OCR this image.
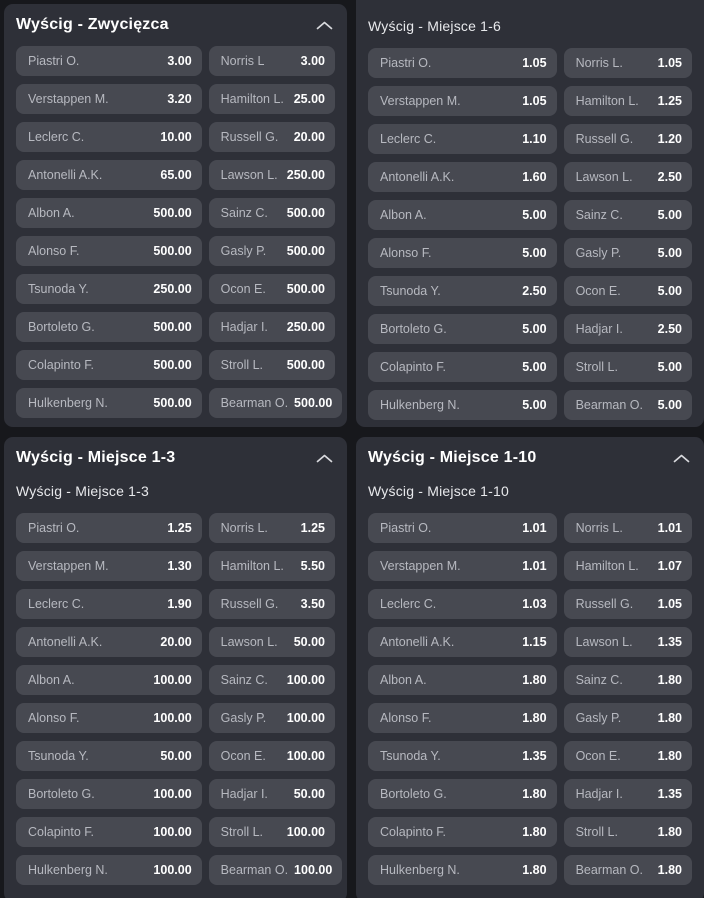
Wyścig - Zwycięzca
Piastri O.	3.00 Norris L	3.00
Verstappen M.	3.20 Hamilton L. 25.00
Leclerc C.	10.00 Russell G. 20.00
Antonelli A.K.	65.00 Lawson L. 250.00
Albon A.	500.00 Sainz C. 500.00
Alonso F.	500.00 Gasly P. 500.00
Tsunoda Y.	250.00 Ocon E. 500.00
Bortoleto G.	500.00 Hadjar I. 250.00
Colapinto F.	500.00 Stroll L. 500.00
Hulkenberg N.	500.00 Bearman O. 500.00
Wyścig - Miejsce 1-6
Piastri O.	1.05 Norris L.	1.05
Verstappen M.	1.05 Hamilton L. 1.25
Leclerc C.	1.10 Russell G. 1.20
Antonelli A.K.	1.60 Lawson L. 2.50
Albon A.	5.00 Sainz C.	5.00
Alonso F.	5.00 Gasly P.	5.00
Tsunoda Y.	2.50 Ocon E.	5.00
Bortoleto G.	5.00 Hadjar I.	2.50
Colapinto F.	5.00 Stroll L.	5.00
Hulkenberg N.	5.00 Bearman O. 5.00
Wyścig - Miejsce 1-3
Wyścig - Miejsce 1-3
Piastri O.	1.25 Norris L.	1.25
Verstappen M.	1.30 Hamilton L. 5.50
Leclerc C.	1.90 Russell G. 3.50
Antonelli A.K.	20.00 Lawson L. 50.00
Albon A.	100.00 Sainz C. 100.00
Alonso F.	100.00 Gasly P. 100.00
Tsunoda Y.	50.00 Ocon E. 100.00
Bortoleto G.	100.00 Hadjar I. 50.00
Colapinto F.	100.00 Stroll L. 100.00
Hulkenberg N.	100.00 Bearman O. 100.00
Wyścig - Miejsce 1-10
Wyścig - Miejsce 1-10
Piastri O.	1.01 Norris L.	1.01
Verstappen M.	1.01 Hamilton L. 1.07
Leclerc C.	1.03 Russell G. 1.05
Antonelli A.K.	1.15 Lawson L. 1.35
Albon A.	1.80 Sainz C.	1.80
Alonso F.	1.80 Gasly P.	1.80
Tsunoda Y.	1.35 Ocon E.	1.80
Bortoleto G.	1.80 Hadjar I.	1.35
Colapinto F.	1.80 Stroll L.	1.80
Hulkenberg N.	1.80 Bearman O. 1.80
